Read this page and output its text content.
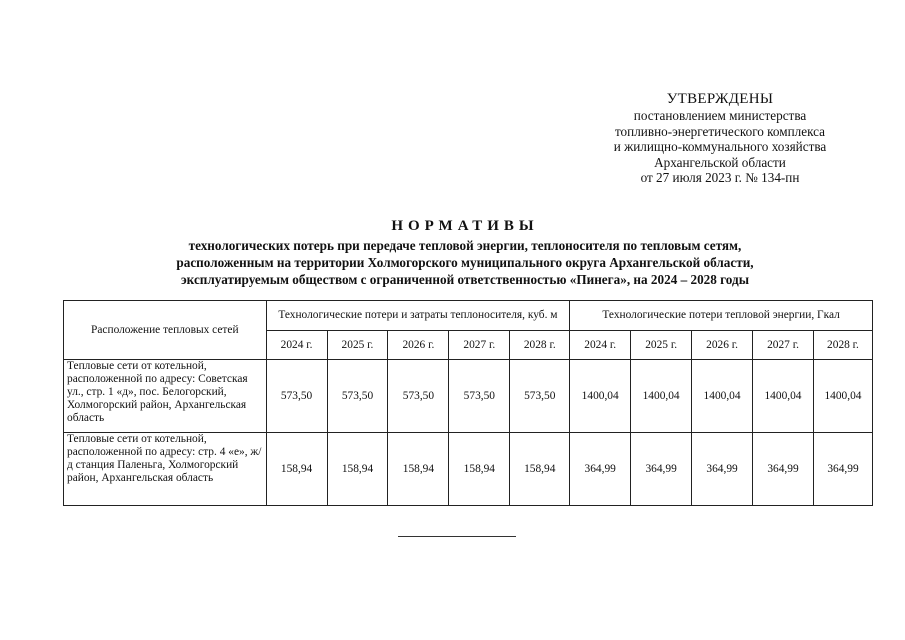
УТВЕРЖДЕНЫ
постановлением министерства
топливно-энергетического комплекса
и жилищно-коммунального хозяйства
Архангельской области
от 27 июля 2023 г. № 134-пн
НОРМАТИВЫ
технологических потерь при передаче тепловой энергии, теплоносителя по тепловым сетям,
расположенным на территории Холмогорского муниципального округа Архангельской области,
эксплуатируемым обществом с ограниченной ответственностью «Пинега», на 2024 – 2028 годы
Расположение тепловых сетей	Технологические потери и затраты теплоносителя, куб. м					Технологические потери тепловой энергии, Гкал				
	2024 г.	2025 г.	2026 г.	2027 г.	2028 г.	2024 г.	2025 г.	2026 г.	2027 г.	2028 г.
Тепловые сети от котельной, расположенной по адресу: Советская ул., стр. 1 «д», пос. Белогорский, Холмогорский район, Архангельская область	573,50	573,50	573,50	573,50	573,50	1400,04	1400,04	1400,04	1400,04	1400,04
Тепловые сети от котельной, расположенной по адресу: стр. 4 «е», ж/д станция Паленьга, Холмогорский район, Архангельская область	158,94	158,94	158,94	158,94	158,94	364,99	364,99	364,99	364,99	364,99
